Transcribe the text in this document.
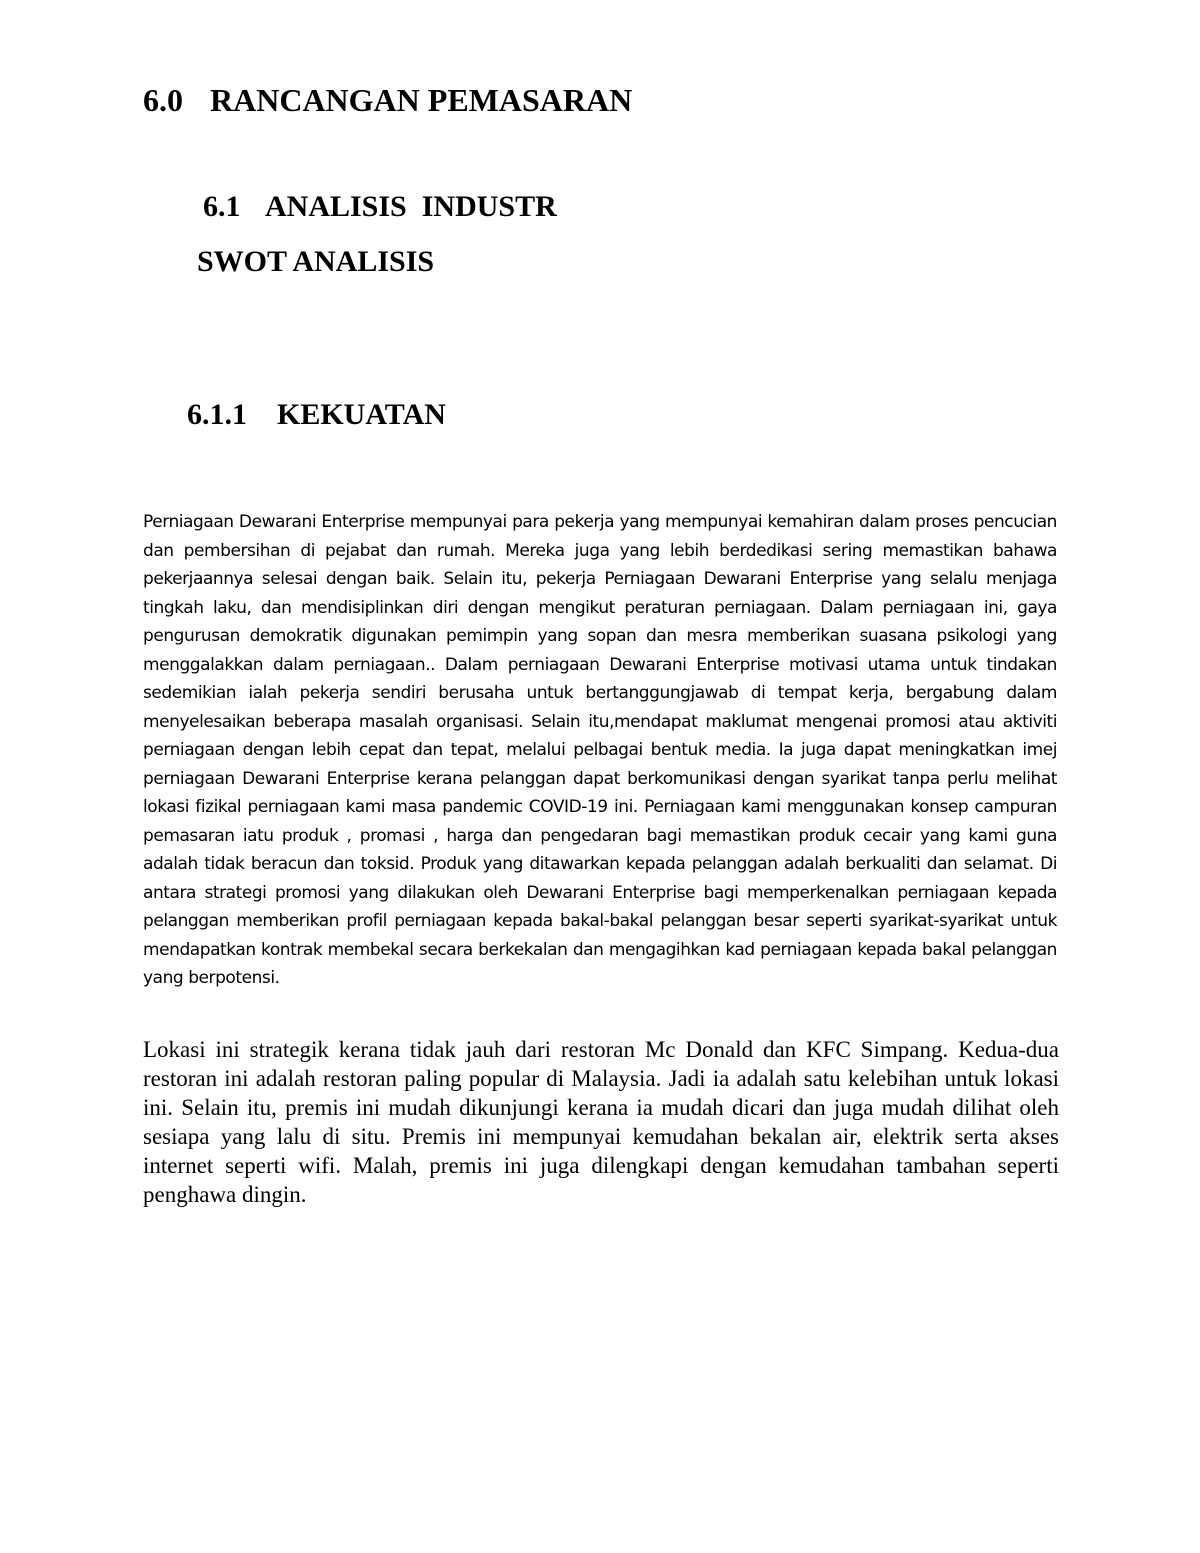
6.0 RANCANGAN PEMASARAN
6.1 ANALISIS  INDUSTR
SWOT ANALISIS
6.1.1 KEKUATAN

Perniagaan Dewarani Enterprise mempunyai para pekerja yang mempunyai kemahiran dalam proses pencucian dan pembersihan di pejabat dan rumah. Mereka juga yang lebih berdedikasi sering memastikan bahawa pekerjaannya selesai dengan baik. Selain itu, pekerja Perniagaan Dewarani Enterprise yang selalu menjaga tingkah laku, dan mendisiplinkan diri dengan mengikut peraturan perniagaan. Dalam perniagaan ini, gaya pengurusan demokratik digunakan pemimpin yang sopan dan mesra memberikan suasana psikologi yang menggalakkan dalam perniagaan.. Dalam perniagaan Dewarani Enterprise motivasi utama untuk tindakan sedemikian ialah pekerja sendiri berusaha untuk bertanggungjawab di tempat kerja, bergabung dalam menyelesaikan beberapa masalah organisasi. Selain itu,mendapat maklumat mengenai promosi atau aktiviti perniagaan dengan lebih cepat dan tepat, melalui pelbagai bentuk media. Ia juga dapat meningkatkan imej perniagaan Dewarani Enterprise kerana pelanggan dapat berkomunikasi dengan syarikat tanpa perlu melihat lokasi fizikal perniagaan kami masa pandemic COVID-19 ini. Perniagaan kami menggunakan konsep campuran pemasaran iatu produk , promasi , harga dan pengedaran bagi memastikan produk cecair yang kami guna adalah tidak beracun dan toksid. Produk yang ditawarkan kepada pelanggan adalah berkualiti dan selamat. Di antara strategi promosi yang dilakukan oleh Dewarani Enterprise bagi memperkenalkan perniagaan kepada pelanggan memberikan profil perniagaan kepada bakal-bakal pelanggan besar seperti syarikat-syarikat untuk mendapatkan kontrak membekal secara berkekalan dan mengagihkan kad perniagaan kepada bakal pelanggan yang berpotensi.

Lokasi ini strategik kerana tidak jauh dari restoran Mc Donald dan KFC Simpang. Kedua-dua restoran ini adalah restoran paling popular di Malaysia. Jadi ia adalah satu kelebihan untuk lokasi ini. Selain itu, premis ini mudah dikunjungi kerana ia mudah dicari dan juga mudah dilihat oleh sesiapa yang lalu di situ. Premis ini mempunyai kemudahan bekalan air, elektrik serta akses internet seperti wifi. Malah, premis ini juga dilengkapi dengan kemudahan tambahan seperti penghawa dingin.
